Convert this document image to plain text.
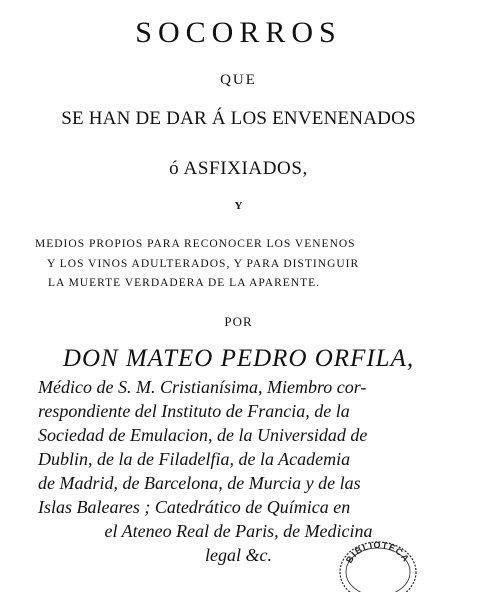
SOCORROS
QUE
SE HAN DE DAR Á LOS ENVENENADOS
ó ASFIXIADOS,
Y
MEDIOS PROPIOS PARA RECONOCER LOS VENENOS
Y LOS VINOS ADULTERADOS, Y PARA DISTINGUIR
LA MUERTE VERDADERA DE LA APARENTE.
POR
DON MATEO PEDRO ORFILA,
Médico de S. M. Cristianísima, Miembro cor-
respondiente del Instituto de Francia, de la
Sociedad de Emulacion, de la Universidad de
Dublin, de la de Filadelfia, de la Academia
de Madrid, de Barcelona, de Murcia y de las
Islas Baleares ; Catedrático de Química en
el Ateneo Real de Paris, de Medicina
legal &c.	BIBLIOTECA
